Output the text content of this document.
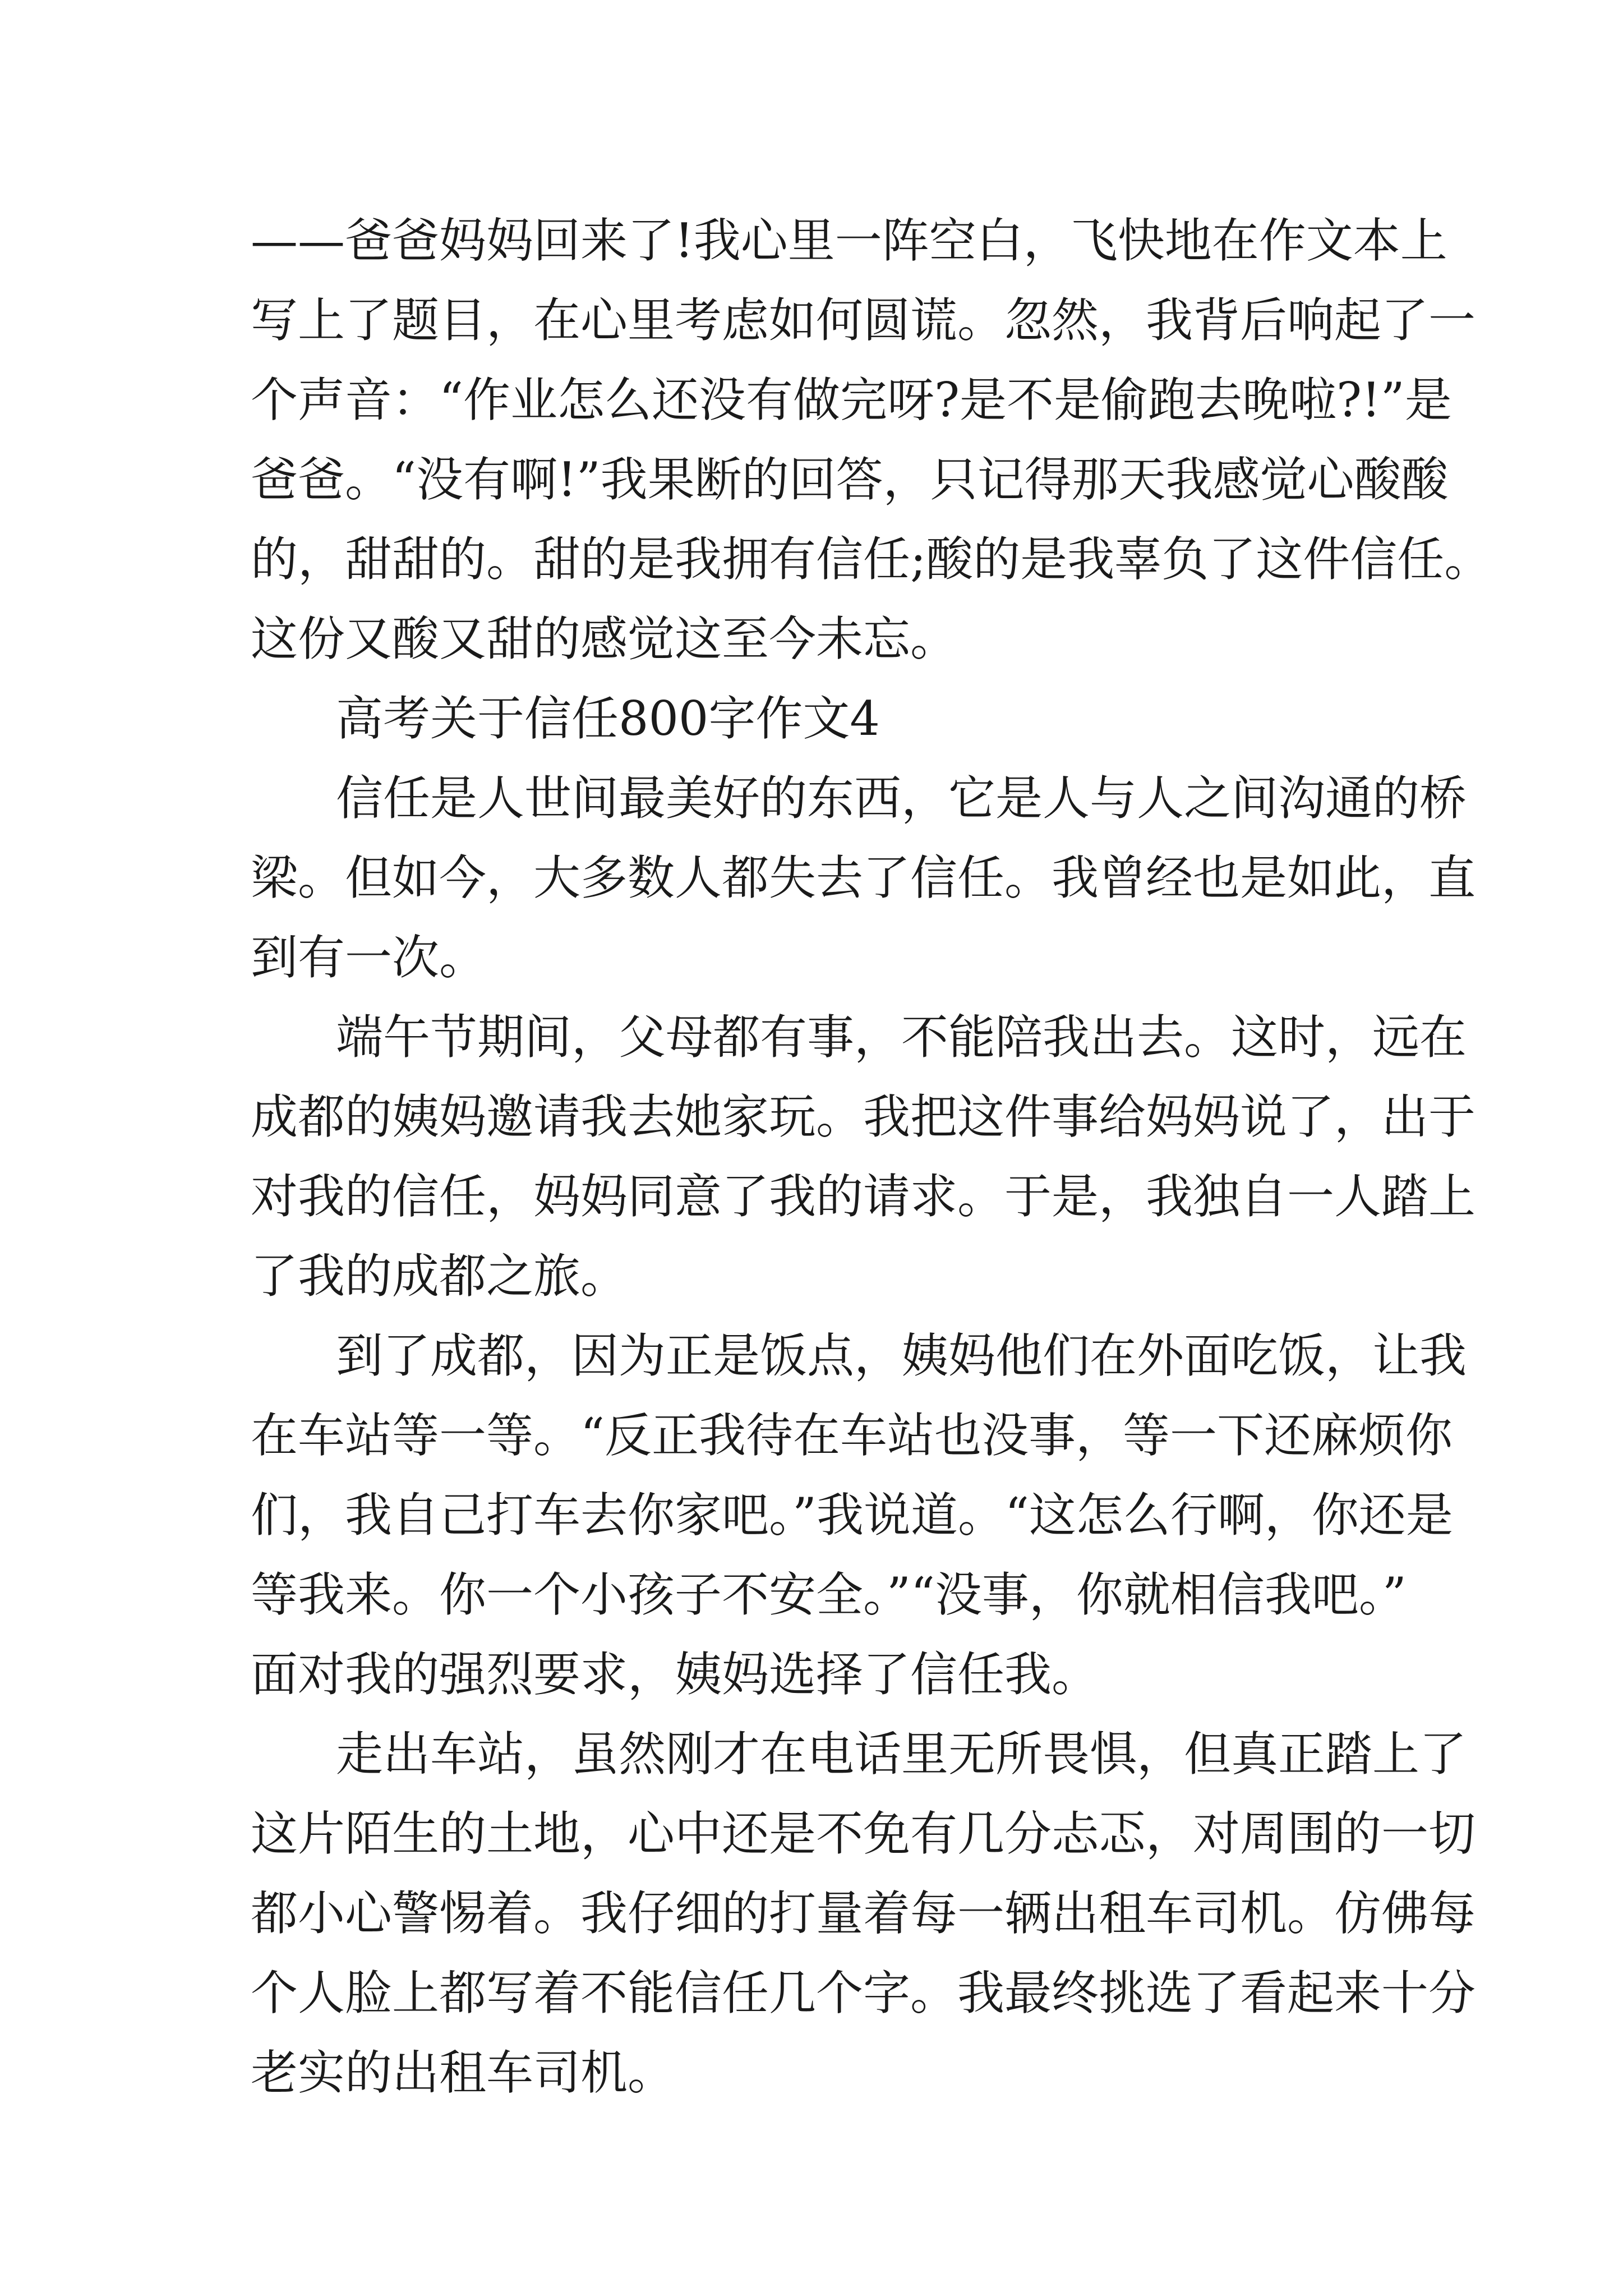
——爸爸妈妈回来了!我心里一阵空白，飞快地在作文本上
写上了题目，在心里考虑如何圆谎。忽然，我背后响起了一
个声音：“作业怎么还没有做完呀?是不是偷跑去晚啦?!”是
爸爸。“没有啊!”我果断的回答，只记得那天我感觉心酸酸
的，甜甜的。甜的是我拥有信任;酸的是我辜负了这件信任。
这份又酸又甜的感觉这至今未忘。
高考关于信任800字作文4
信任是人世间最美好的东西，它是人与人之间沟通的桥
梁。但如今，大多数人都失去了信任。我曾经也是如此，直
到有一次。
端午节期间，父母都有事，不能陪我出去。这时，远在
成都的姨妈邀请我去她家玩。我把这件事给妈妈说了，出于
对我的信任，妈妈同意了我的请求。于是，我独自一人踏上
了我的成都之旅。
到了成都，因为正是饭点，姨妈他们在外面吃饭，让我
在车站等一等。“反正我待在车站也没事，等一下还麻烦你
们，我自己打车去你家吧。”我说道。“这怎么行啊，你还是
等我来。你一个小孩子不安全。”“没事，你就相信我吧。”
面对我的强烈要求，姨妈选择了信任我。
走出车站，虽然刚才在电话里无所畏惧，但真正踏上了
这片陌生的土地，心中还是不免有几分忐忑，对周围的一切
都小心警惕着。我仔细的打量着每一辆出租车司机。仿佛每
个人脸上都写着不能信任几个字。我最终挑选了看起来十分
老实的出租车司机。
